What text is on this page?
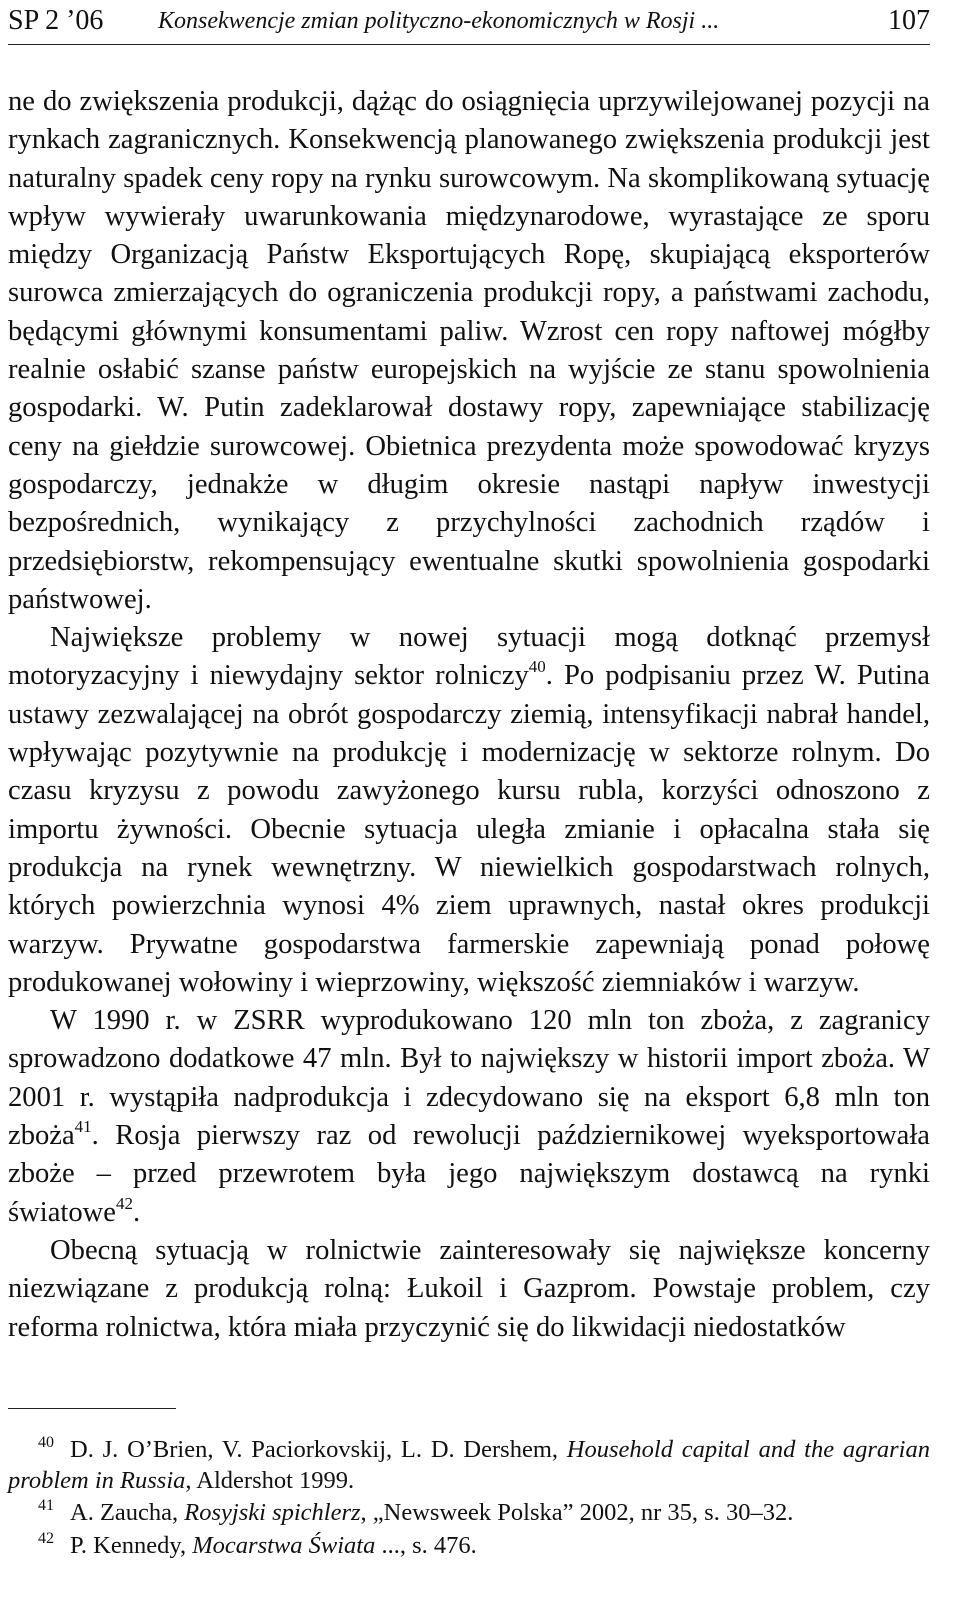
SP 2 ’06 Konsekwencje zmian polityczno-ekonomicznych w Rosji ...	107

ne do zwiększenia produkcji, dążąc do osiągnięcia uprzywilejowanej pozycji na rynkach zagranicznych. Konsekwencją planowanego zwiększenia produkcji jest naturalny spadek ceny ropy na rynku surowcowym. Na skomplikowaną sytuację wpływ wywierały uwarunkowania międzynarodowe, wyrastające ze sporu między Organizacją Państw Eksportujących Ropę, skupiającą eksporterów surowca zmierzających do ograniczenia produkcji ropy, a państwami zachodu, będącymi głównymi konsumentami paliw. Wzrost cen ropy naftowej mógłby realnie osłabić szanse państw europejskich na wyjście ze stanu spowolnienia gospodarki. W. Putin zadeklarował dostawy ropy, zapewniające stabilizację ceny na giełdzie surowcowej. Obietnica prezydenta może spowodować kryzys gospodarczy, jednakże w długim okresie nastąpi napływ inwestycji bezpośrednich, wynikający z przychylności zachodnich rządów i przedsiębiorstw, rekompensujący ewentualne skutki spowolnienia gospodarki państwowej.

Największe problemy w nowej sytuacji mogą dotknąć przemysł motoryzacyjny i niewydajny sektor rolniczy$^{40}$. Po podpisaniu przez W. Putina ustawy zezwalającej na obrót gospodarczy ziemią, intensyfikacji nabrał handel, wpływając pozytywnie na produkcję i modernizację w sektorze rolnym. Do czasu kryzysu z powodu zawyżonego kursu rubla, korzyści odnoszono z importu żywności. Obecnie sytuacja uległa zmianie i opłacalna stała się produkcja na rynek wewnętrzny. W niewielkich gospodarstwach rolnych, których powierzchnia wynosi 4% ziem uprawnych, nastał okres produkcji warzyw. Prywatne gospodarstwa farmerskie zapewniają ponad połowę produkowanej wołowiny i wieprzowiny, większość ziemniaków i warzyw.

W 1990 r. w ZSRR wyprodukowano 120 mln ton zboża, z zagranicy sprowadzono dodatkowe 47 mln. Był to największy w historii import zboża. W 2001 r. wystąpiła nadprodukcja i zdecydowano się na eksport 6,8 mln ton zboża$^{41}$. Rosja pierwszy raz od rewolucji październikowej wyeksportowała zboże – przed przewrotem była jego największym dostawcą na rynki światowe$^{42}$.

Obecną sytuacją w rolnictwie zainteresowały się największe koncerny niezwiązane z produkcją rolną: Łukoil i Gazprom. Powstaje problem, czy reforma rolnictwa, która miała przyczynić się do likwidacji niedostatków

40 D. J. O’Brien, V. Paciorkovskij, L. D. Dershem, Household capital and the agrarian problem in Russia, Aldershot 1999.

41 A. Zaucha, Rosyjski spichlerz, „Newsweek Polska” 2002, nr 35, s. 30–32.

42 P. Kennedy, Mocarstwa Świata ..., s. 476.
